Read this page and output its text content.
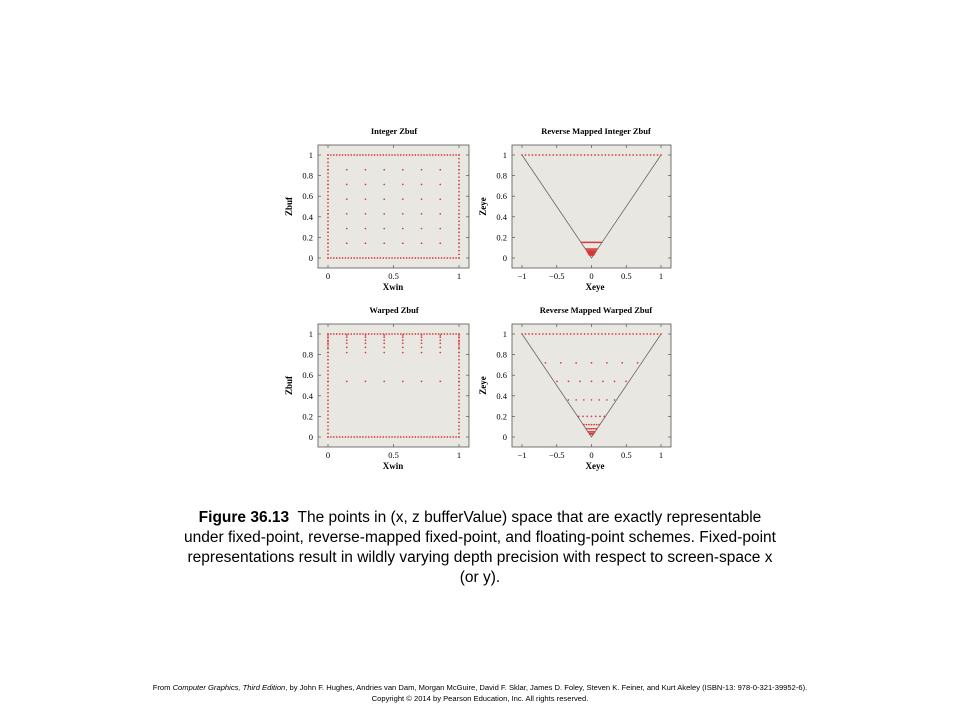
Integer Zbuf
0	0.5	1
0
0.2
0.4
0.6
0.8
1
Xwin
Zbuf
Reverse Mapped Integer Zbuf
−1	−0.5	0	0.5	1
0
0.2
0.4
0.6
0.8
1
Xeye
Zeye
Warped Zbuf
0	0.5	1
0
0.2
0.4
0.6
0.8
1
Xwin
Zbuf
Reverse Mapped Warped Zbuf
−1	−0.5	0	0.5	1
0
0.2
0.4
0.6
0.8
1
Xeye
Zeye
Figure 36.13 The points in (x, z bufferValue) space that are exactly representable under fixed-point, reverse-mapped fixed-point, and floating-point schemes. Fixed-point representations result in wildly varying depth precision with respect to screen-space x (or y).
From Computer Graphics, Third Edition, by John F. Hughes, Andries van Dam, Morgan McGuire, David F. Sklar, James D. Foley, Steven K. Feiner, and Kurt Akeley (ISBN-13: 978-0-321-39952-6).
Copyright © 2014 by Pearson Education, Inc. All rights reserved.
